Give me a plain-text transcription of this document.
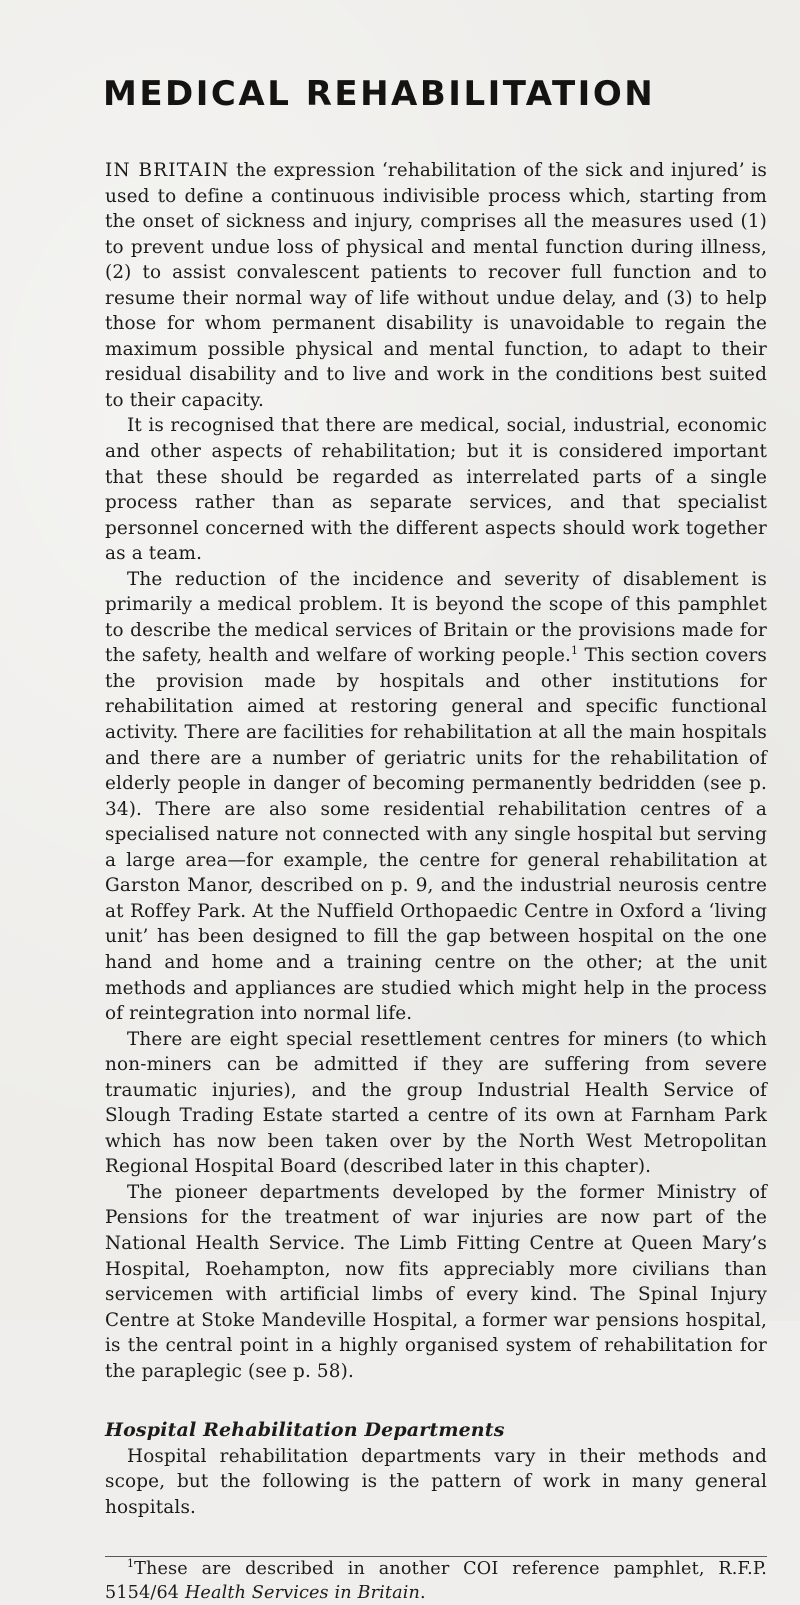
MEDICAL REHABILITATION

IN BRITAIN the expression ‘rehabilitation of the sick and injured’ is used to define a continuous indivisible process which, starting from the onset of sickness and injury, comprises all the measures used (1) to prevent undue loss of physical and mental function during illness, (2) to assist convalescent patients to recover full function and to resume their normal way of life without undue delay, and (3) to help those for whom permanent disability is unavoidable to regain the maximum possible physical and mental function, to adapt to their residual disability and to live and work in the conditions best suited to their capacity.

It is recognised that there are medical, social, industrial, economic and other aspects of rehabilitation; but it is considered important that these should be regarded as interrelated parts of a single process rather than as separate services, and that specialist personnel concerned with the different aspects should work together as a team.

The reduction of the incidence and severity of disablement is primarily a medical problem. It is beyond the scope of this pamphlet to describe the medical services of Britain or the provisions made for the safety, health and welfare of working people.$^1$ This section covers the provision made by hospitals and other institutions for rehabilitation aimed at restoring general and specific functional activity. There are facilities for rehabilitation at all the main hospitals and there are a number of geriatric units for the rehabilitation of elderly people in danger of becoming permanently bedridden (see p. 34). There are also some residential rehabilitation centres of a specialised nature not connected with any single hospital but serving a large area—for example, the centre for general rehabilitation at Garston Manor, described on p. 9, and the industrial neurosis centre at Roffey Park. At the Nuffield Orthopaedic Centre in Oxford a ‘living unit’ has been designed to fill the gap between hospital on the one hand and home and a training centre on the other; at the unit methods and appliances are studied which might help in the process of reintegration into normal life.

There are eight special resettlement centres for miners (to which non-miners can be admitted if they are suffering from severe traumatic injuries), and the group Industrial Health Service of Slough Trading Estate started a centre of its own at Farnham Park which has now been taken over by the North West Metropolitan Regional Hospital Board (described later in this chapter).

The pioneer departments developed by the former Ministry of Pensions for the treatment of war injuries are now part of the National Health Service. The Limb Fitting Centre at Queen Mary’s Hospital, Roehampton, now fits appreciably more civilians than servicemen with artificial limbs of every kind. The Spinal Injury Centre at Stoke Mandeville Hospital, a former war pensions hospital, is the central point in a highly organised system of rehabilitation for the paraplegic (see p. 58).

Hospital Rehabilitation Departments

Hospital rehabilitation departments vary in their methods and scope, but the following is the pattern of work in many general hospitals.

$^1$These are described in another COI reference pamphlet, R.F.P. 5154/64 Health Services in Britain.
